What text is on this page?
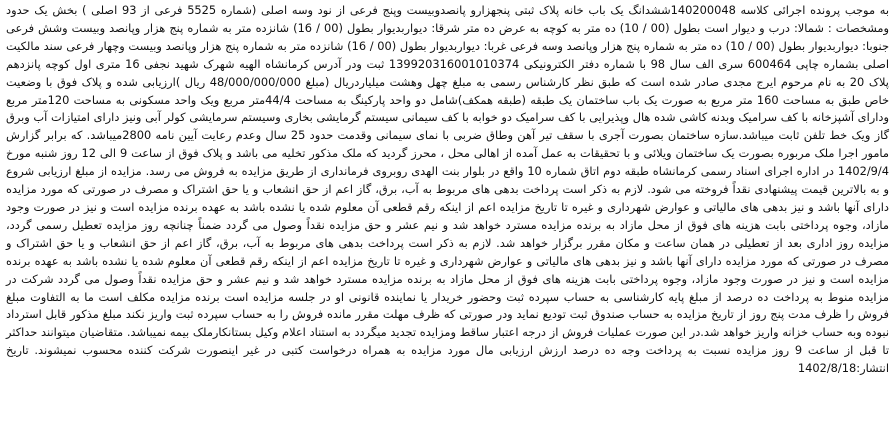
به موجب پرونده اجرائی کلاسه 140200048ششدانگ یک باب خانه پلاک ثبتی پنجهزارو پانصدوبیست وپنج فرعی از نود وسه اصلی (شماره 5525 فرعی از 93 اصلی ) بخش یک حدود ومشخصات : شمالا: درب و دیوار است بطول (00 / 10) ده متر به کوچه به عرض ده متر شرقا: دیواربدیوار بطول (00 / 16) شانزده متر به شماره پنج هزار وپانصد وبیست وشش فرعی جنوبا: دیواربدیوار بطول (00 / 10) ده متر به شماره پنج هزار وپانصد وسه فرعی غربا: دیواربدیوار بطول (00 / 16) شانزده متر به شماره پنج هزار وپانصد وبیست وچهار فرعی سند مالکیت اصلی بشماره چاپی 600464 سری الف سال 98 با شماره دفتر الکترونیکی 139920316001010374 ثبت ودر آدرس کرمانشاه الهیه شهرک شهید نجفی 16 متری اول کوچه پانزدهم پلاک 20 به نام مرحوم ایرج مجدی صادر شده است که طبق نظر کارشناس رسمی به مبلغ چهل وهشت میلیاردریال (مبلغ 48/000/000/000 ریال )ارزیابی شده و پلاک فوق با وضعیت خاص طبق به مساحت 160 متر مربع به صورت یک باب ساختمان یک طبقه (طبقه همکف)شامل دو واحد پارکینگ به مساحت 44/4متر مربع ویک واحد مسکونی به مساحت 120متر مربع ودارای آشپزخانه با کف سرامیک وبدنه کاشی شده هال وپذیرایی با کف سرامیک دو خوابه با کف سیمانی سیستم گرمایشی بخاری وسیستم سرمایشی کولر آبی ونیز دارای امتیازات آب وبرق گاز ویک خط تلفن ثابت میباشد.سازه ساختمان بصورت آجری با سقف تیر آهن وطاق ضربی با نمای سیمانی وقدمت حدود 25 سال وعدم رعایت آیین نامه 2800میباشد. که برابر گزارش مامور اجرا ملک مربوره بصورت یک ساختمان ویلائی و با تحقیقات به عمل آمده از اهالی محل ، محرز گردید که ملک مذکور تخلیه می باشد و پلاک فوق از ساعت 9 الی 12 روز شنبه مورخ 1402/9/4 در اداره اجرای اسناد رسمی کرمانشاه طبقه دوم اتاق شماره 10 واقع در بلوار بنت الهدی روبروی فرمانداری از طریق مزایده به فروش می رسد. مزایده از مبلغ ارزیابی شروع و به بالاترین قیمت پیشنهادی نقداً فروخته می شود. لازم به ذکر است پرداخت بدهی های مربوط به آب، برق، گاز اعم از حق انشعاب و یا حق اشتراک و مصرف در صورتی که مورد مزایده دارای آنها باشد و نیز بدهی های مالیاتی و عوارض شهرداری و غیره تا تاریخ مزایده اعم از اینکه رقم قطعی آن معلوم شده یا نشده باشد به عهده برنده مزایده است و نیز در صورت وجود مازاد، وجوه پرداختی بابت هزینه های فوق از محل مازاد به برنده مزایده مسترد خواهد شد و نیم عشر و حق مزایده نقداً وصول می گردد ضمناً چنانچه روز مزایده تعطیل رسمی گردد، مزایده روز اداری بعد از تعطیلی در همان ساعت و مکان مقرر برگزار خواهد شد. لازم به ذکر است پرداخت بدهی های مربوط به آب، برق، گاز اعم از حق انشعاب و یا حق اشتراک و مصرف در صورتی که مورد مزایده دارای آنها باشد و نیز بدهی های مالیاتی و عوارض شهرداری و غیره تا تاریخ مزایده اعم از اینکه رقم قطعی آن معلوم شده یا نشده باشد به عهده برنده مزایده است و نیز در صورت وجود مازاد، وجوه پرداختی بابت هزینه های فوق از محل مازاد به برنده مزایده مسترد خواهد شد و نیم عشر و حق مزایده نقداً وصول می گردد شرکت در مزایده منوط به پرداخت ده درصد از مبلغ پایه کارشناسی به حساب سپرده ثبت وحضور خریدار یا نماینده قانونی او در جلسه مزایده است برنده مزایده مکلف است ما به التفاوت مبلغ فروش را ظرف مدت پنج روز از تاریخ مزایده به حساب صندوق ثبت تودیع نماید ودر صورتی که ظرف مهلت مقرر مانده فروش را به حساب سپرده ثبت واریز نکند مبلغ مذکور قابل استرداد نبوده وبه حساب خزانه واریز خواهد شد.در این صورت عملیات فروش از درجه اعتبار ساقط ومزایده تجدید میگردد به استناد اعلام وکیل بستانکارملک بیمه نمیباشد. متقاضیان میتوانند حداکثر تا قبل از ساعت 9 روز مزایده نسبت به پرداخت وجه ده درصد ارزش ارزیابی مال مورد مزایده به همراه درخواست کتبی در غیر اینصورت شرکت کننده محسوب نمیشوند. تاریخ انتشار:1402/8/18
